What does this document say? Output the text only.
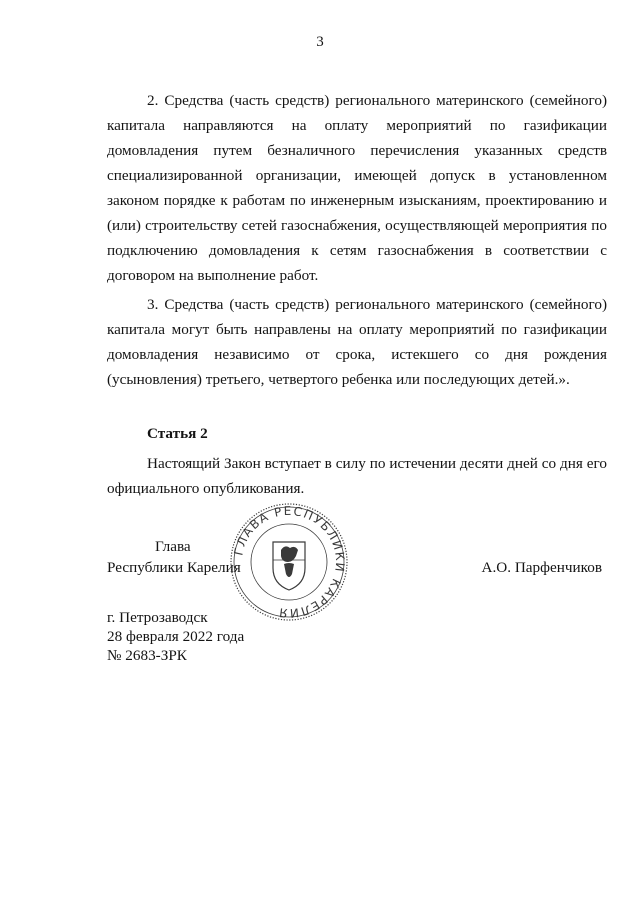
3

2. Средства (часть средств) регионального материнского (семейного) капитала направляются на оплату мероприятий по газификации домовладения путем безналичного перечисления указанных средств специализированной организации, имеющей допуск в установленном законом порядке к работам по инженерным изысканиям, проектированию и (или) строительству сетей газоснабжения, осуществляющей мероприятия по подключению домовладения к сетям газоснабжения в соответствии с договором на выполнение работ.

3. Средства (часть средств) регионального материнского (семейного) капитала могут быть направлены на оплату мероприятий по газификации домовладения независимо от срока, истекшего со дня рождения (усыновления) третьего, четвертого ребенка или последующих детей.».

Статья 2

Настоящий Закон вступает в силу по истечении десяти дней со дня его официального опубликования.

ГЛАВА РЕСПУБЛИКИ КАРЕЛИЯ
Глава
Республики Карелия	А.О. Парфенчиков
г. Петрозаводск
28 февраля 2022 года
№ 2683-ЗРК
